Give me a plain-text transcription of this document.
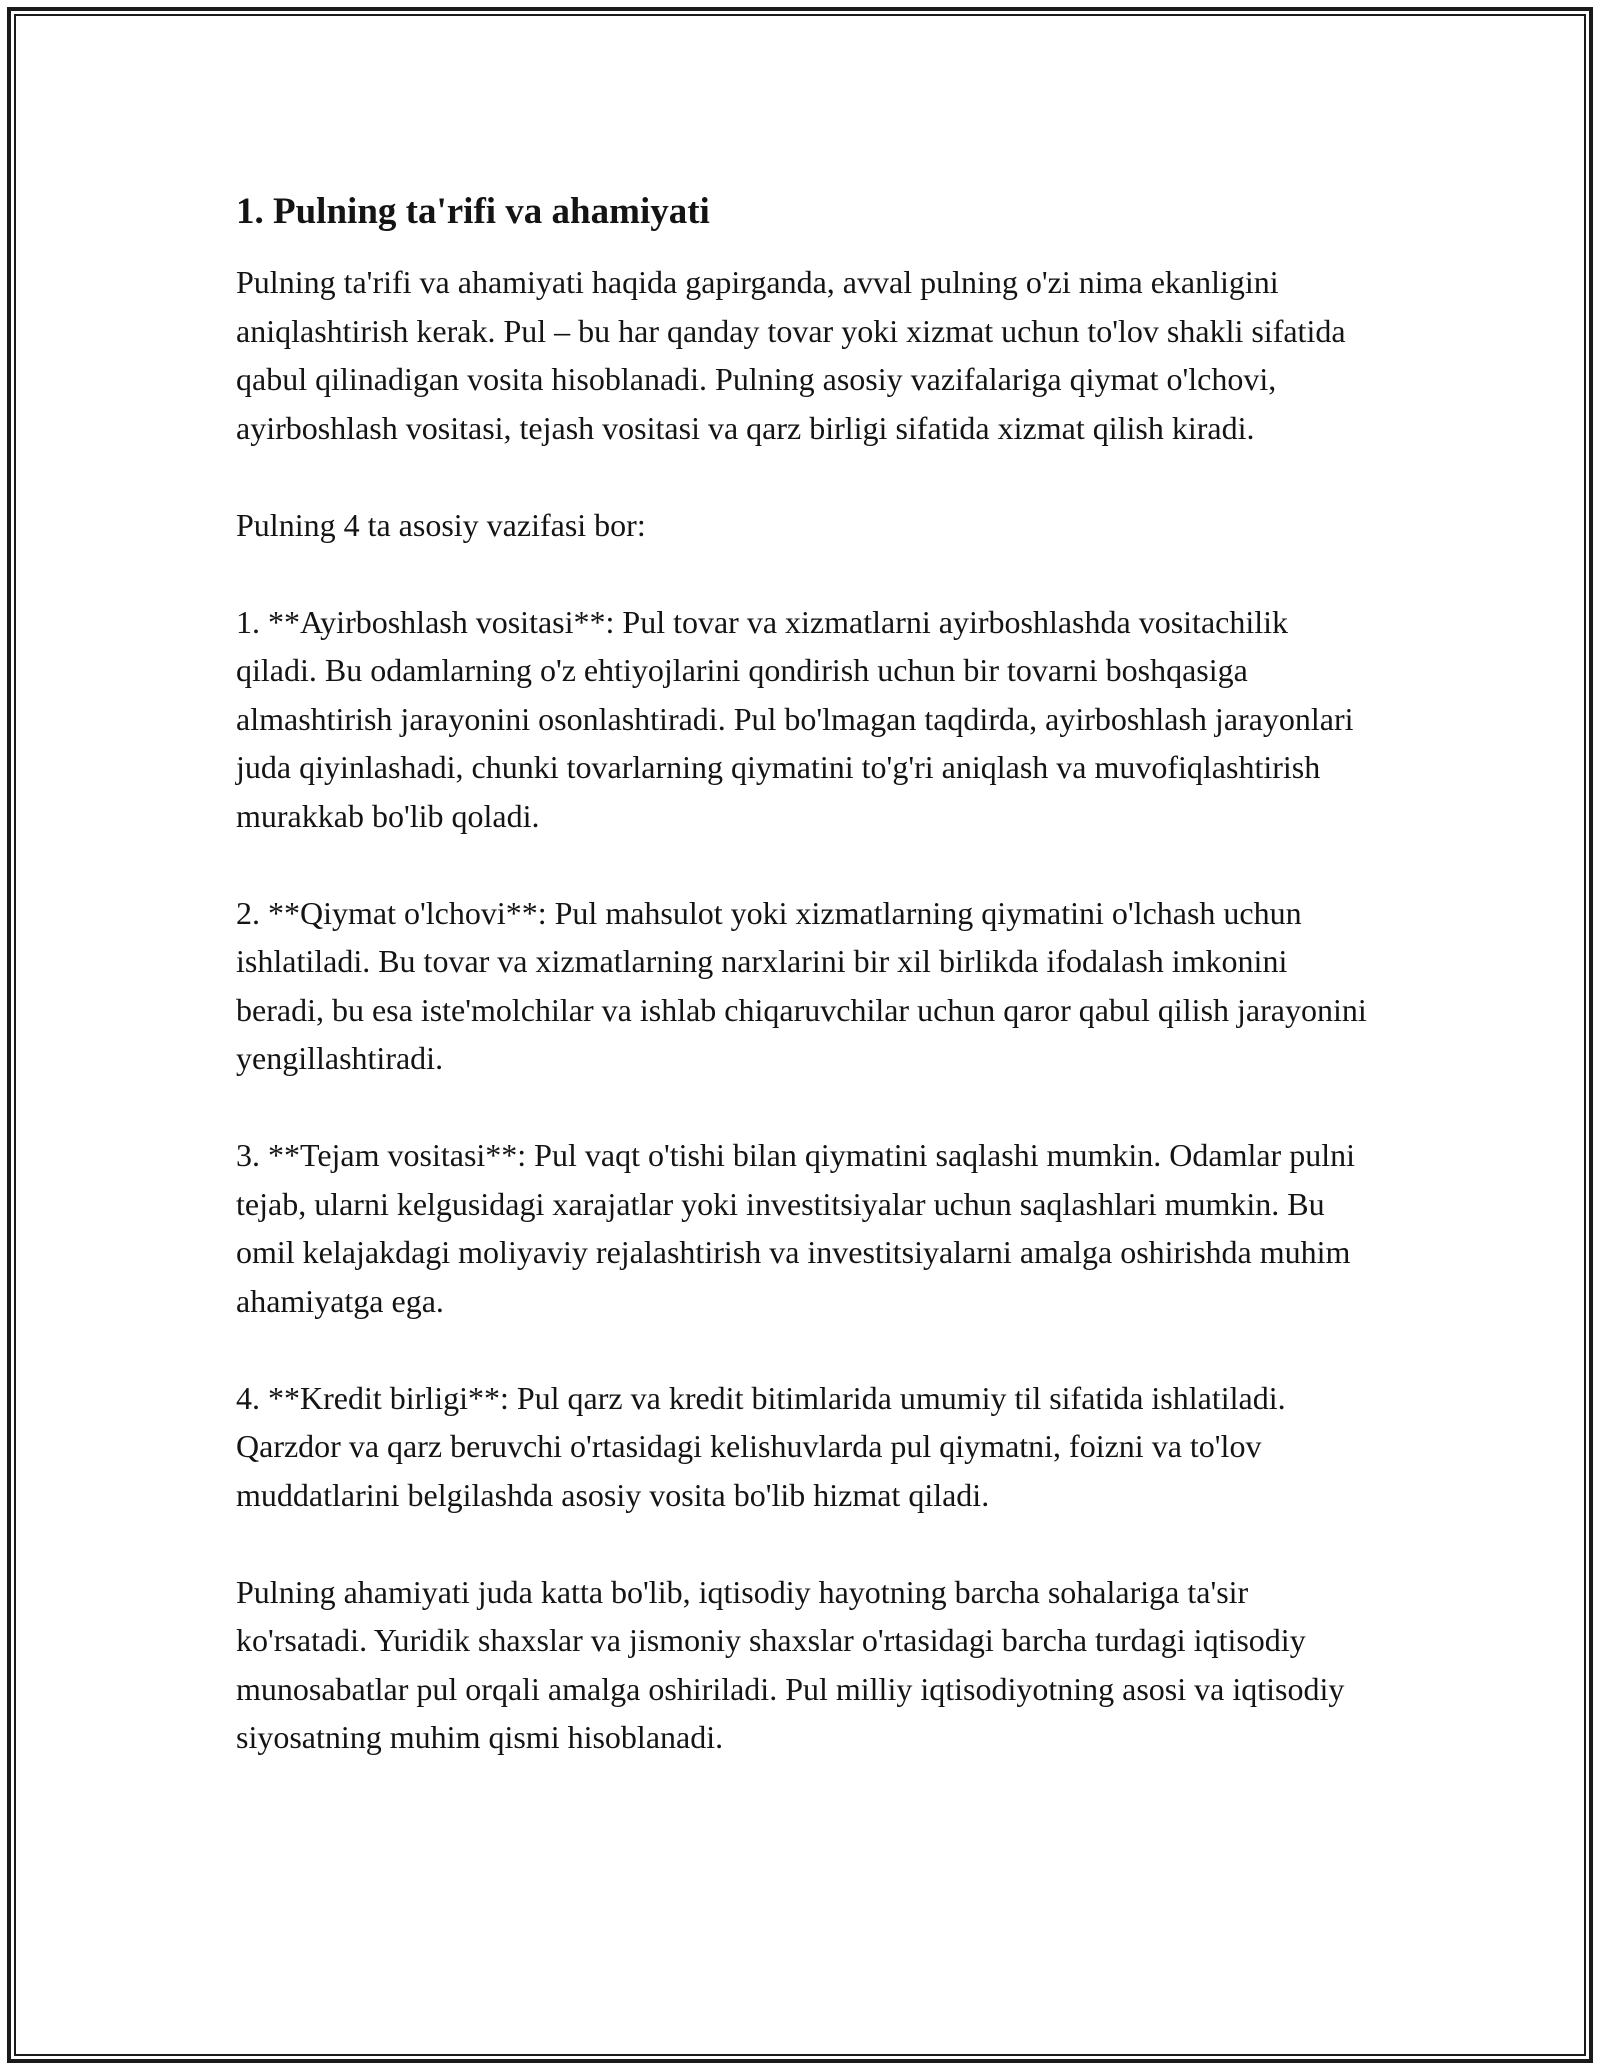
1. Pulning ta'rifi va ahamiyati

Pulning ta'rifi va ahamiyati haqida gapirganda, avval pulning o'zi nima ekanligini aniqlashtirish kerak. Pul – bu har qanday tovar yoki xizmat uchun to'lov shakli sifatida qabul qilinadigan vosita hisoblanadi. Pulning asosiy vazifalariga qiymat o'lchovi, ayirboshlash vositasi, tejash vositasi va qarz birligi sifatida xizmat qilish kiradi.

Pulning 4 ta asosiy vazifasi bor:

1. **Ayirboshlash vositasi**: Pul tovar va xizmatlarni ayirboshlashda vositachilik qiladi. Bu odamlarning o'z ehtiyojlarini qondirish uchun bir tovarni boshqasiga almashtirish jarayonini osonlashtiradi. Pul bo'lmagan taqdirda, ayirboshlash jarayonlari juda qiyinlashadi, chunki tovarlarning qiymatini to'g'ri aniqlash va muvofiqlashtirish murakkab bo'lib qoladi.

2. **Qiymat o'lchovi**: Pul mahsulot yoki xizmatlarning qiymatini o'lchash uchun ishlatiladi. Bu tovar va xizmatlarning narxlarini bir xil birlikda ifodalash imkonini beradi, bu esa iste'molchilar va ishlab chiqaruvchilar uchun qaror qabul qilish jarayonini yengillashtiradi.

3. **Tejam vositasi**: Pul vaqt o'tishi bilan qiymatini saqlashi mumkin. Odamlar pulni tejab, ularni kelgusidagi xarajatlar yoki investitsiyalar uchun saqlashlari mumkin. Bu omil kelajakdagi moliyaviy rejalashtirish va investitsiyalarni amalga oshirishda muhim ahamiyatga ega.

4. **Kredit birligi**: Pul qarz va kredit bitimlarida umumiy til sifatida ishlatiladi. Qarzdor va qarz beruvchi o'rtasidagi kelishuvlarda pul qiymatni, foizni va to'lov muddatlarini belgilashda asosiy vosita bo'lib hizmat qiladi.

Pulning ahamiyati juda katta bo'lib, iqtisodiy hayotning barcha sohalariga ta'sir ko'rsatadi. Yuridik shaxslar va jismoniy shaxslar o'rtasidagi barcha turdagi iqtisodiy munosabatlar pul orqali amalga oshiriladi. Pul milliy iqtisodiyotning asosi va iqtisodiy siyosatning muhim qismi hisoblanadi.
